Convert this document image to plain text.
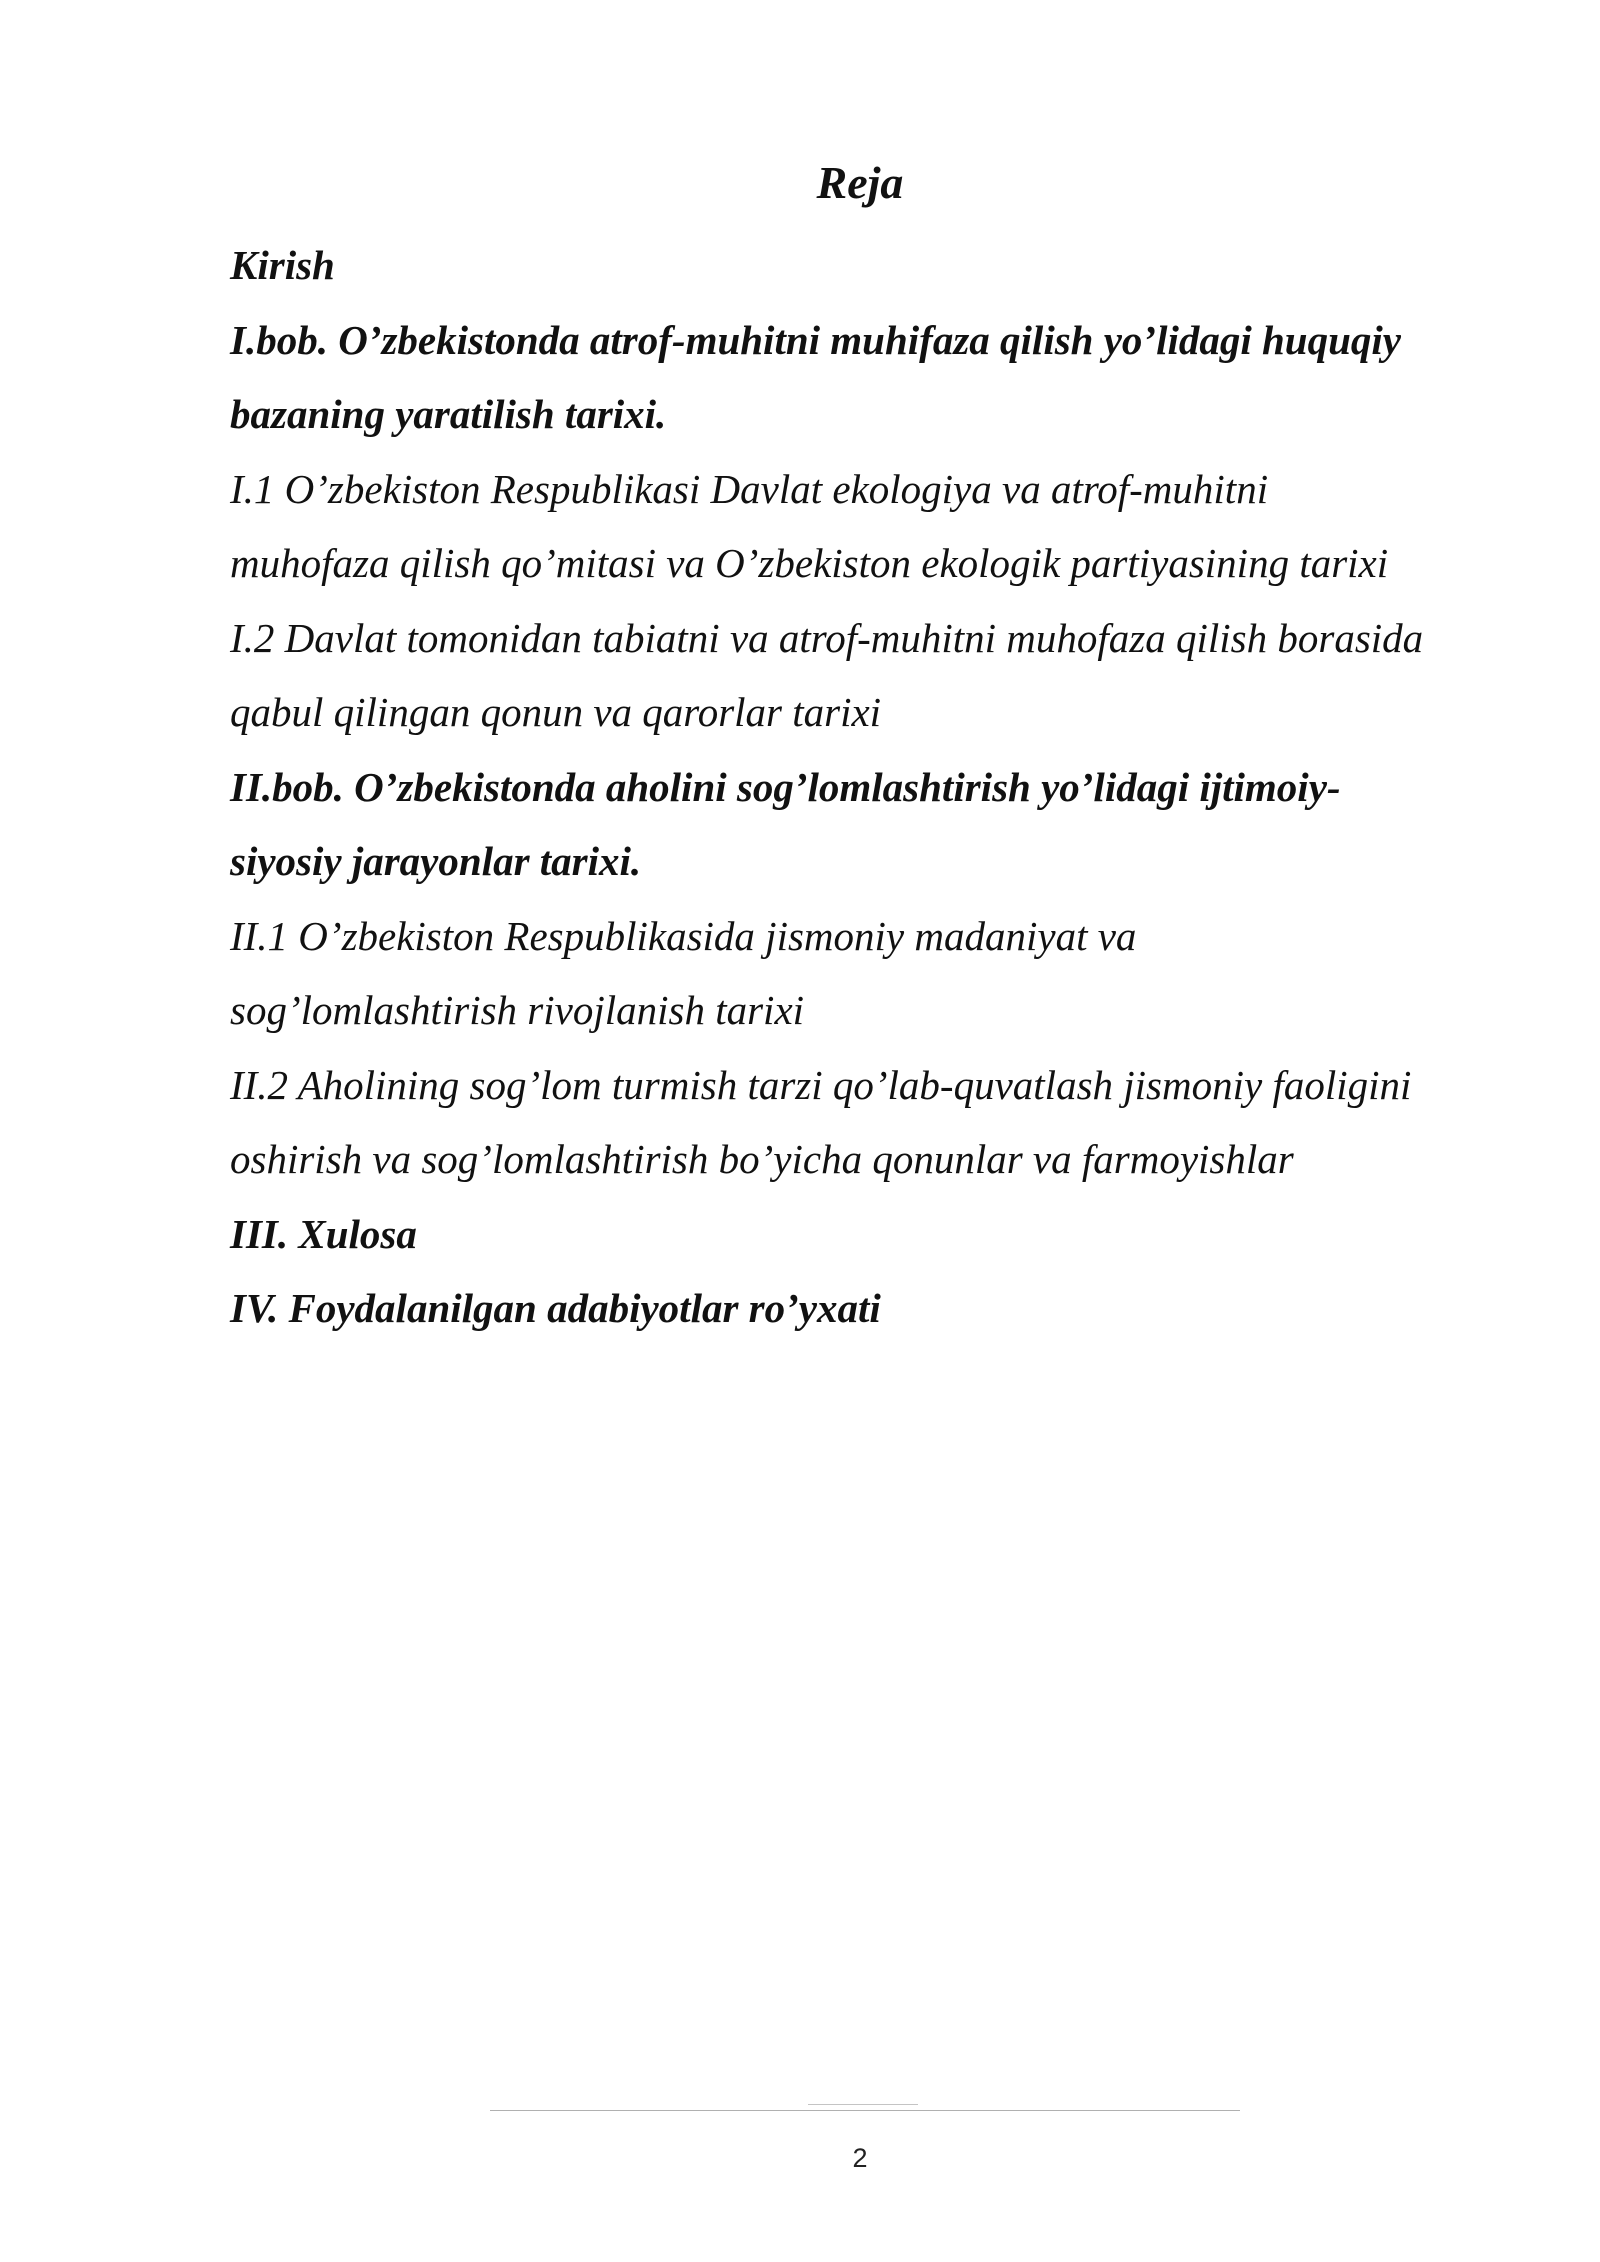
Reja
Kirish
I.bob. O’zbekistonda atrof-muhitni muhifaza qilish yo’lidagi huquqiy
bazaning yaratilish tarixi.
I.1 O’zbekiston Respublikasi Davlat ekologiya va atrof-muhitni
muhofaza qilish qo’mitasi va O’zbekiston ekologik partiyasining tarixi
I.2 Davlat tomonidan tabiatni va atrof-muhitni muhofaza qilish borasida
qabul qilingan qonun va qarorlar tarixi
II.bob. O’zbekistonda aholini sog’lomlashtirish yo’lidagi ijtimoiy-
siyosiy jarayonlar tarixi.
II.1 O’zbekiston Respublikasida jismoniy madaniyat va
sog’lomlashtirish rivojlanish tarixi
II.2 Aholining sog’lom turmish tarzi qo’lab-quvatlash jismoniy faoligini
oshirish va sog’lomlashtirish bo’yicha qonunlar va farmoyishlar
III. Xulosa
IV. Foydalanilgan adabiyotlar ro’yxati
2
